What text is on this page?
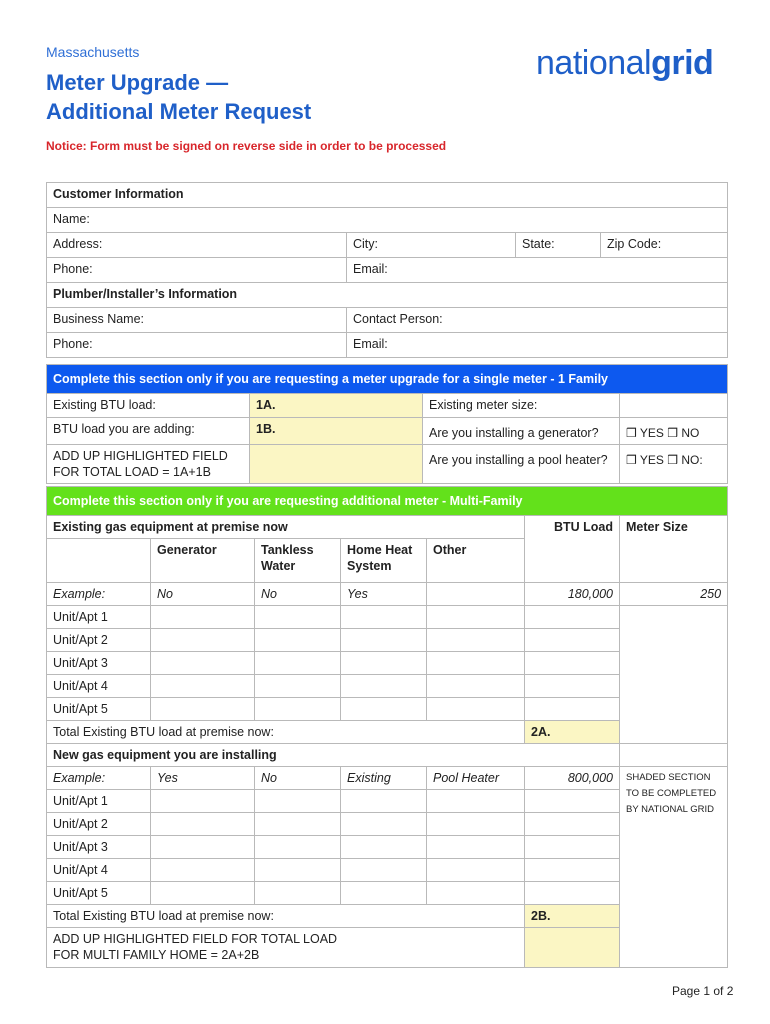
Massachusetts
Meter Upgrade —
Additional Meter Request
nationalgrid
Notice: Form must be signed on reverse side in order to be processed
Customer Information			
Name:			
Address:	City:	State:	Zip Code:
Phone:	Email:		
Plumber/Installer’s Information			
Business Name:	Contact Person:		
Phone:	Email:		
Complete this section only if you are requesting a meter upgrade for a single meter - 1 Family			
Existing BTU load:	1A.	Existing meter size:	
BTU load you are adding:	1B.	Are you installing a generator?	❒ YES ❒ NO

ADD UP HIGHLIGHTED FIELD
FOR TOTAL LOAD = 1A+1B		Are you installing a pool heater?	❒ YES ❒ NO:
Complete this section only if you are requesting additional meter - Multi-Family						
Existing gas equipment at premise now					BTU Load	Meter Size
	Generator	Tankless Water	Home Heat System	Other		
Example:	No	No	Yes		180,000	250
Unit/Apt 1						
Unit/Apt 2						
Unit/Apt 3						
Unit/Apt 4						
Unit/Apt 5						
Total Existing BTU load at premise now:					2A.	
New gas equipment you are installing						
Example:	Yes	No	Existing	Pool Heater	800,000	SHADED SECTION TO BE COMPLETED BY NATIONAL GRID
Unit/Apt 1						
Unit/Apt 2						
Unit/Apt 3						
Unit/Apt 4						
Unit/Apt 5						
Total Existing BTU load at premise now:					2B.	

ADD UP HIGHLIGHTED FIELD FOR TOTAL LOAD
FOR MULTI FAMILY HOME = 2A+2B						

Page 1 of 2
